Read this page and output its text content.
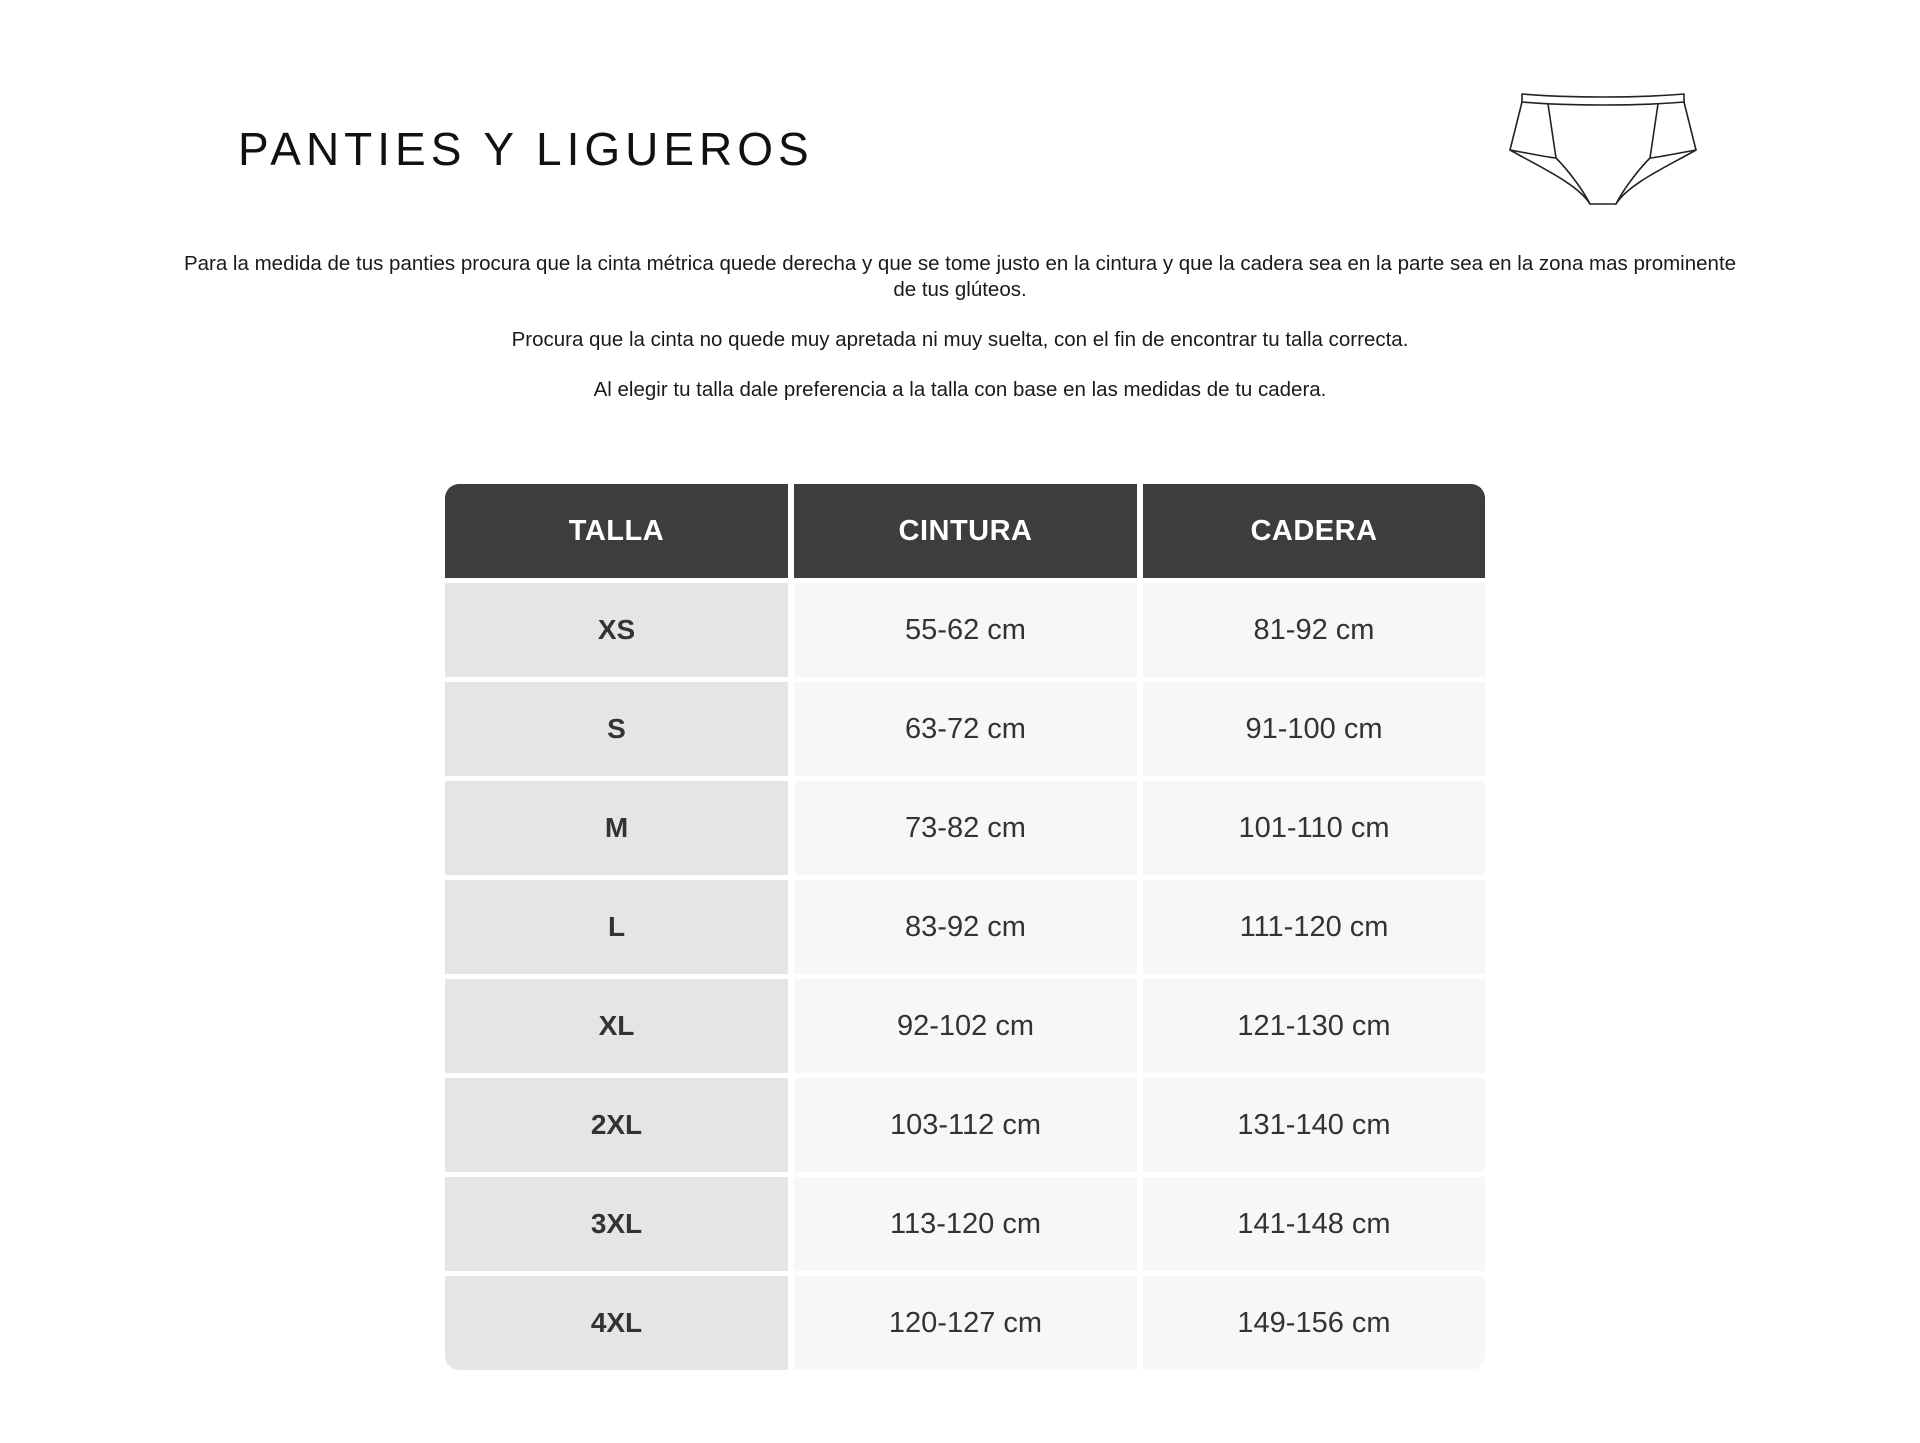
PANTIES Y LIGUEROS

Para la medida de tus panties procura que la cinta métrica quede derecha y que se tome justo en la cintura y que la cadera sea en la parte sea en la zona mas prominente de tus glúteos.

Procura que la cinta no quede muy apretada ni muy suelta, con el fin de encontrar tu talla correcta.

Al elegir tu talla dale preferencia a la talla con base en las medidas de tu cadera.

TALLA	CINTURA	CADERA
XS	55-62 cm	81-92 cm
S	63-72 cm	91-100 cm
M	73-82 cm	101-110 cm
L	83-92 cm	111-120 cm
XL	92-102 cm	121-130 cm
2XL	103-112 cm	131-140 cm
3XL	113-120 cm	141-148 cm
4XL	120-127 cm	149-156 cm
